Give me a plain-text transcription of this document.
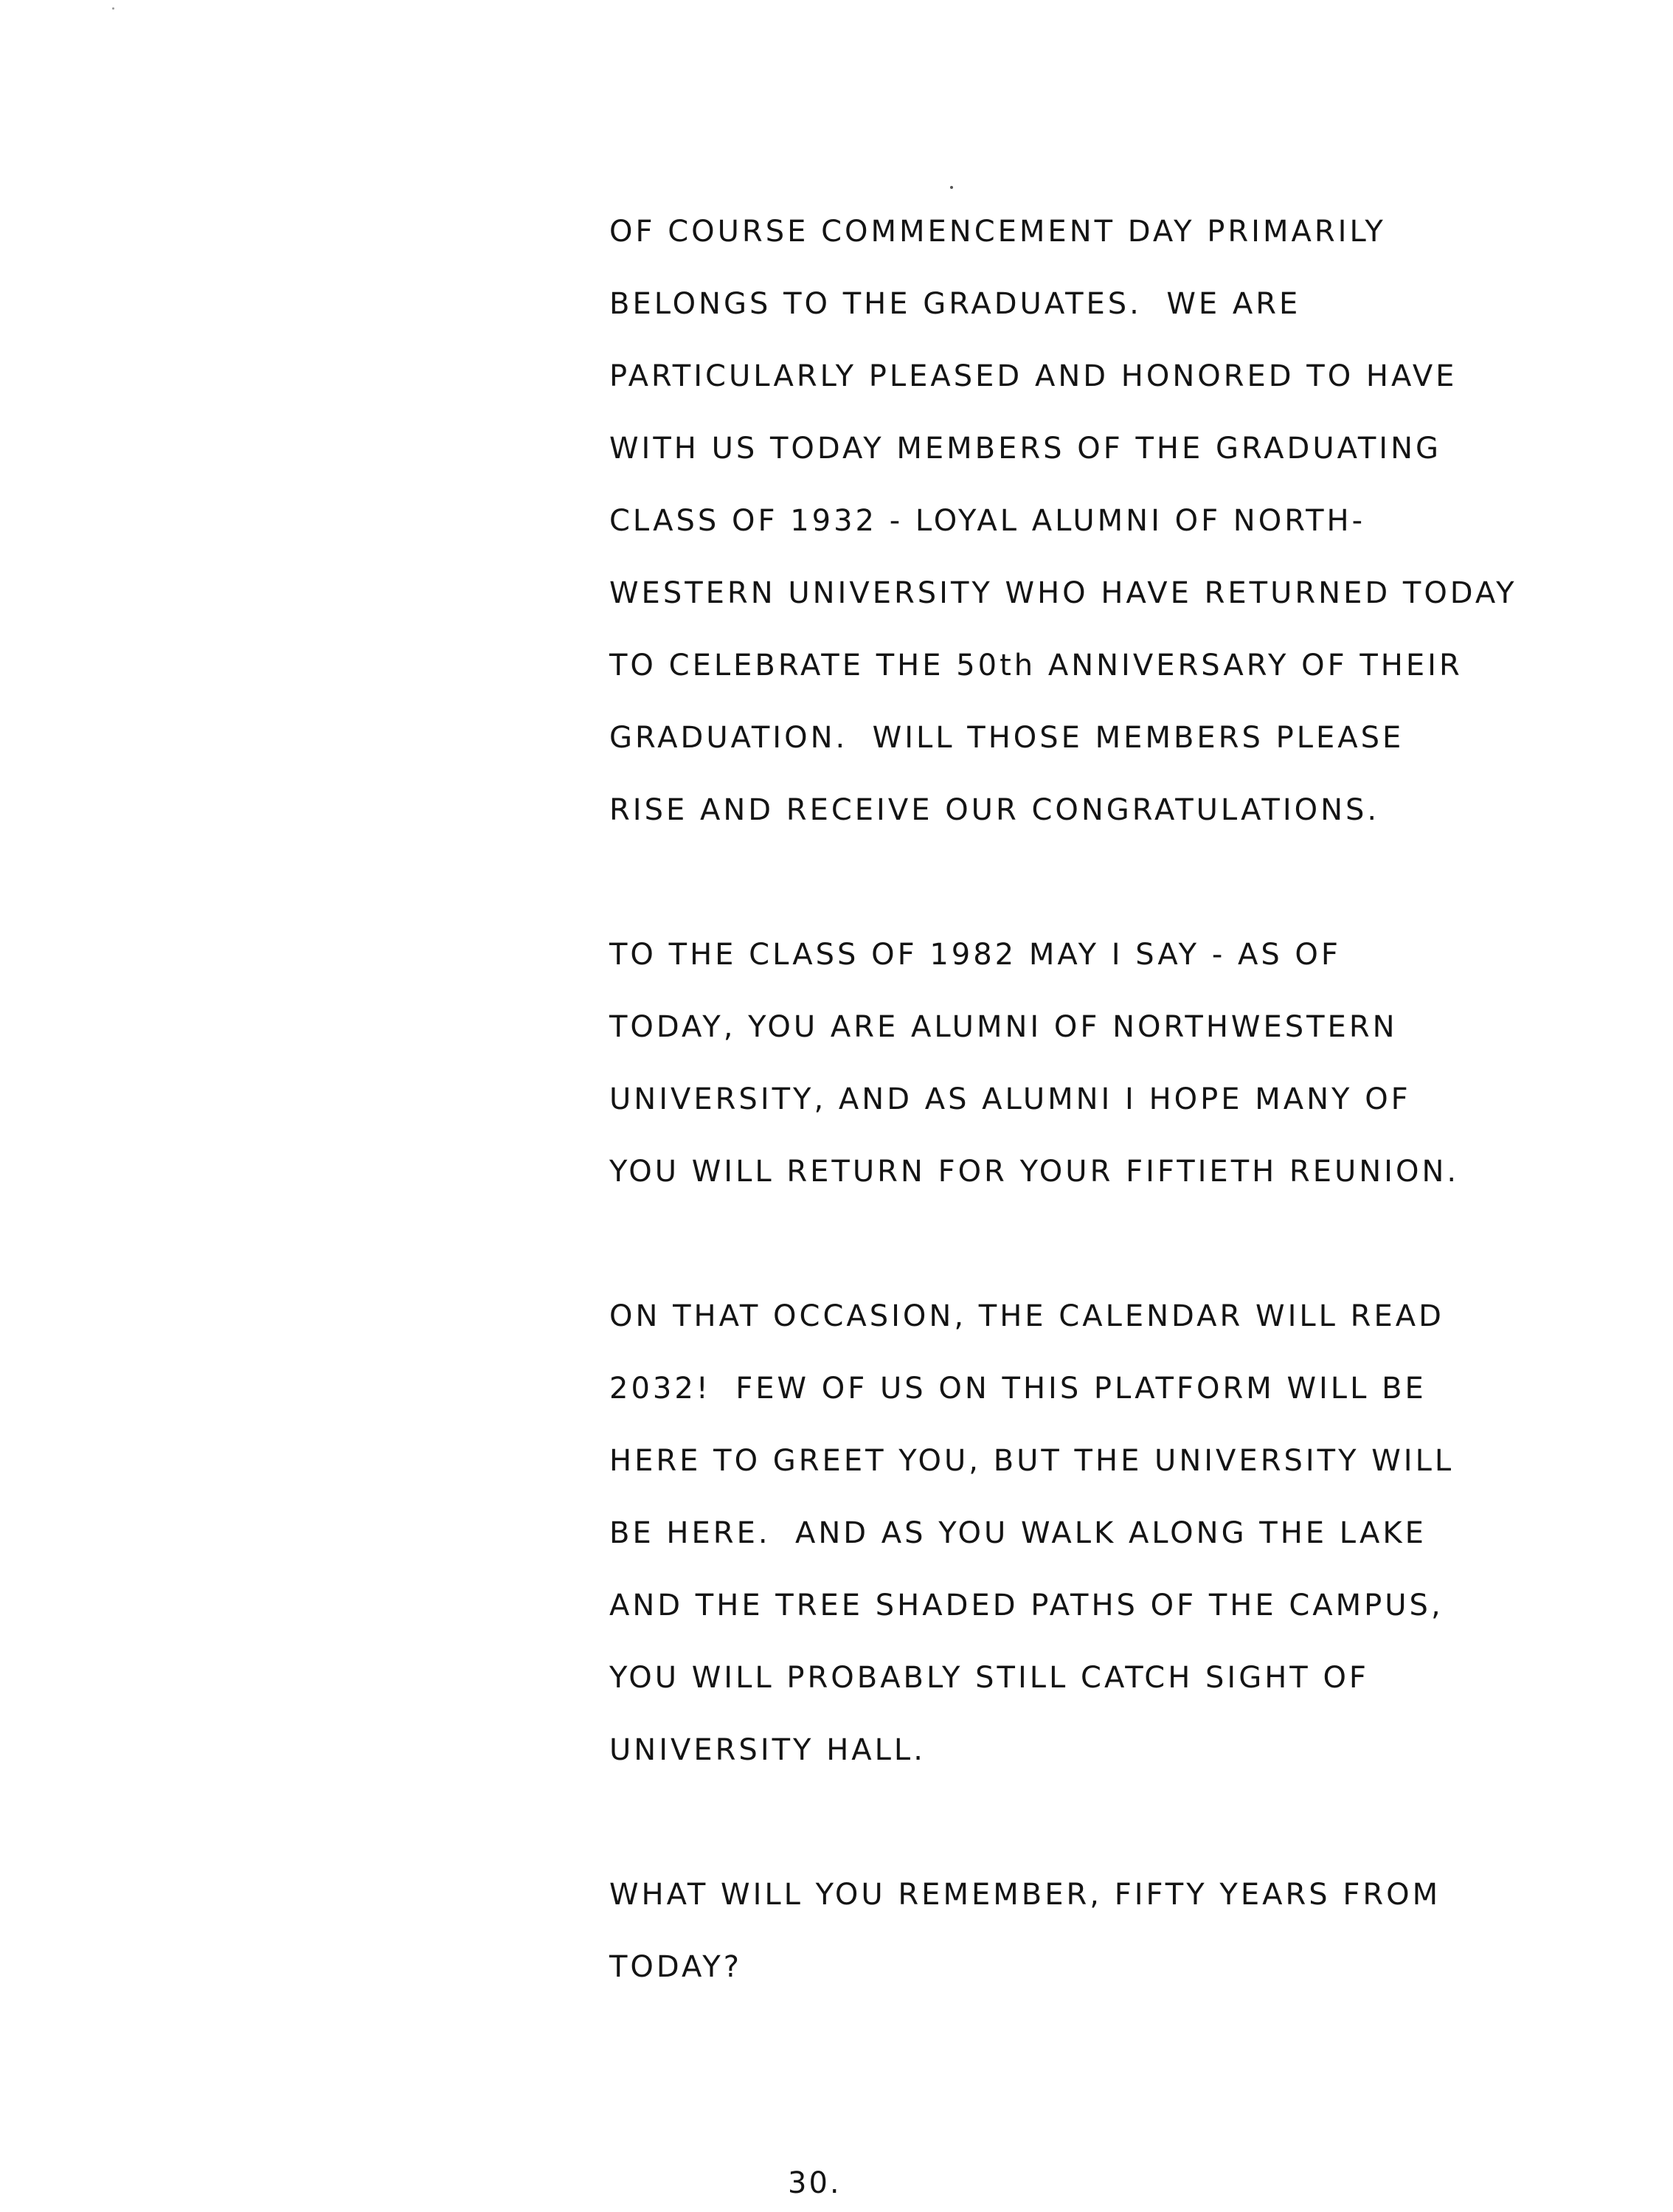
OF COURSE COMMENCEMENT DAY PRIMARILY
BELONGS TO THE GRADUATES.  WE ARE
PARTICULARLY PLEASED AND HONORED TO HAVE
WITH US TODAY MEMBERS OF THE GRADUATING
CLASS OF 1932 - LOYAL ALUMNI OF NORTH-
WESTERN UNIVERSITY WHO HAVE RETURNED TODAY
TO CELEBRATE THE 50th ANNIVERSARY OF THEIR
GRADUATION.  WILL THOSE MEMBERS PLEASE
RISE AND RECEIVE OUR CONGRATULATIONS.
TO THE CLASS OF 1982 MAY I SAY - AS OF
TODAY, YOU ARE ALUMNI OF NORTHWESTERN
UNIVERSITY, AND AS ALUMNI I HOPE MANY OF
YOU WILL RETURN FOR YOUR FIFTIETH REUNION.
ON THAT OCCASION, THE CALENDAR WILL READ
2032!  FEW OF US ON THIS PLATFORM WILL BE
HERE TO GREET YOU, BUT THE UNIVERSITY WILL
BE HERE.  AND AS YOU WALK ALONG THE LAKE
AND THE TREE SHADED PATHS OF THE CAMPUS,
YOU WILL PROBABLY STILL CATCH SIGHT OF
UNIVERSITY HALL.
WHAT WILL YOU REMEMBER, FIFTY YEARS FROM
TODAY?
30.
